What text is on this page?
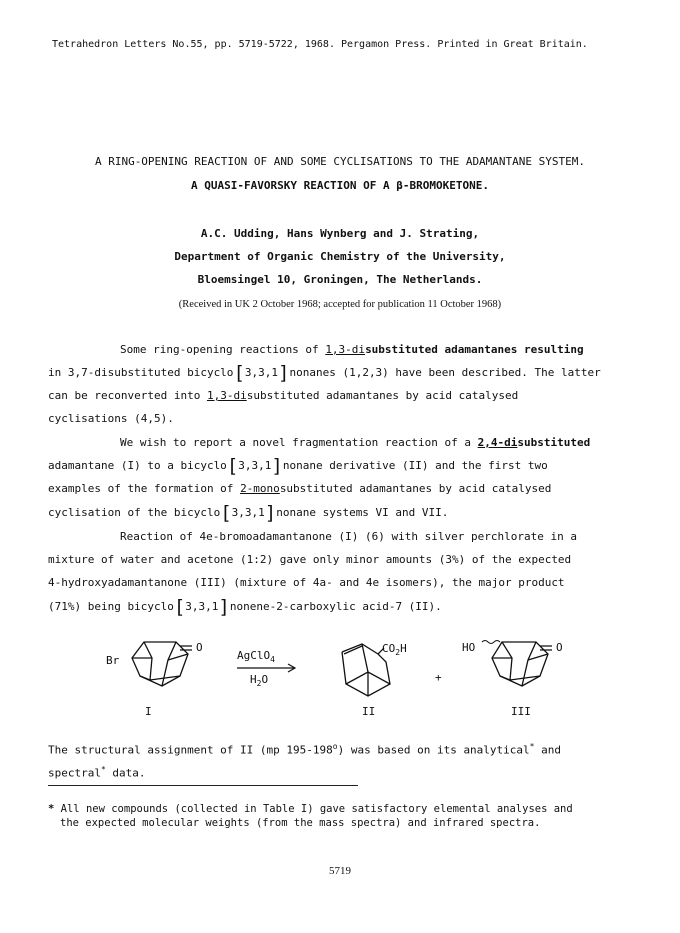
Tetrahedron Letters No.55, pp. 5719-5722, 1968. Pergamon Press. Printed in Great Britain.
A RING-OPENING REACTION OF AND SOME CYCLISATIONS TO THE ADAMANTANE SYSTEM.
A QUASI-FAVORSKY REACTION OF A β-BROMOKETONE.
A.C. Udding, Hans Wynberg and J. Strating,
Department of Organic Chemistry of the University,
Bloemsingel 10, Groningen, The Netherlands.
(Received in UK 2 October 1968; accepted for publication 11 October 1968)
Some ring-opening reactions of 1,3-disubstituted adamantanes resulting
in 3,7-disubstituted bicyclo[3,3,1]nonanes (1,2,3) have been described. The latter
can be reconverted into 1,3-disubstituted adamantanes by acid catalysed
cyclisations (4,5).
We wish to report a novel fragmentation reaction of a 2,4-disubstituted
adamantane (I) to a bicyclo[3,3,1]nonane derivative (II) and the first two
examples of the formation of 2-monosubstituted adamantanes by acid catalysed
cyclisation of the bicyclo[3,3,1]nonane systems VI and VII.
Reaction of 4e-bromoadamantanone (I) (6) with silver perchlorate in a
mixture of water and acetone (1:2) gave only minor amounts (3%) of the expected
4-hydroxyadamantanone (III) (mixture of 4a- and 4e isomers), the major product
(71%) being bicyclo[3,3,1]nonene-2-carboxylic acid-7 (II).
Br
O
AgClO$_4$
$H_2O$
$CO_2H$
+
HO	O
I	II	III
The structural assignment of II (mp 195-198$^o$) was based on its analytical* and
spectral* data.
* All new compounds (collected in Table I) gave satisfactory elemental analyses and
the expected molecular weights (from the mass spectra) and infrared spectra.
5719
